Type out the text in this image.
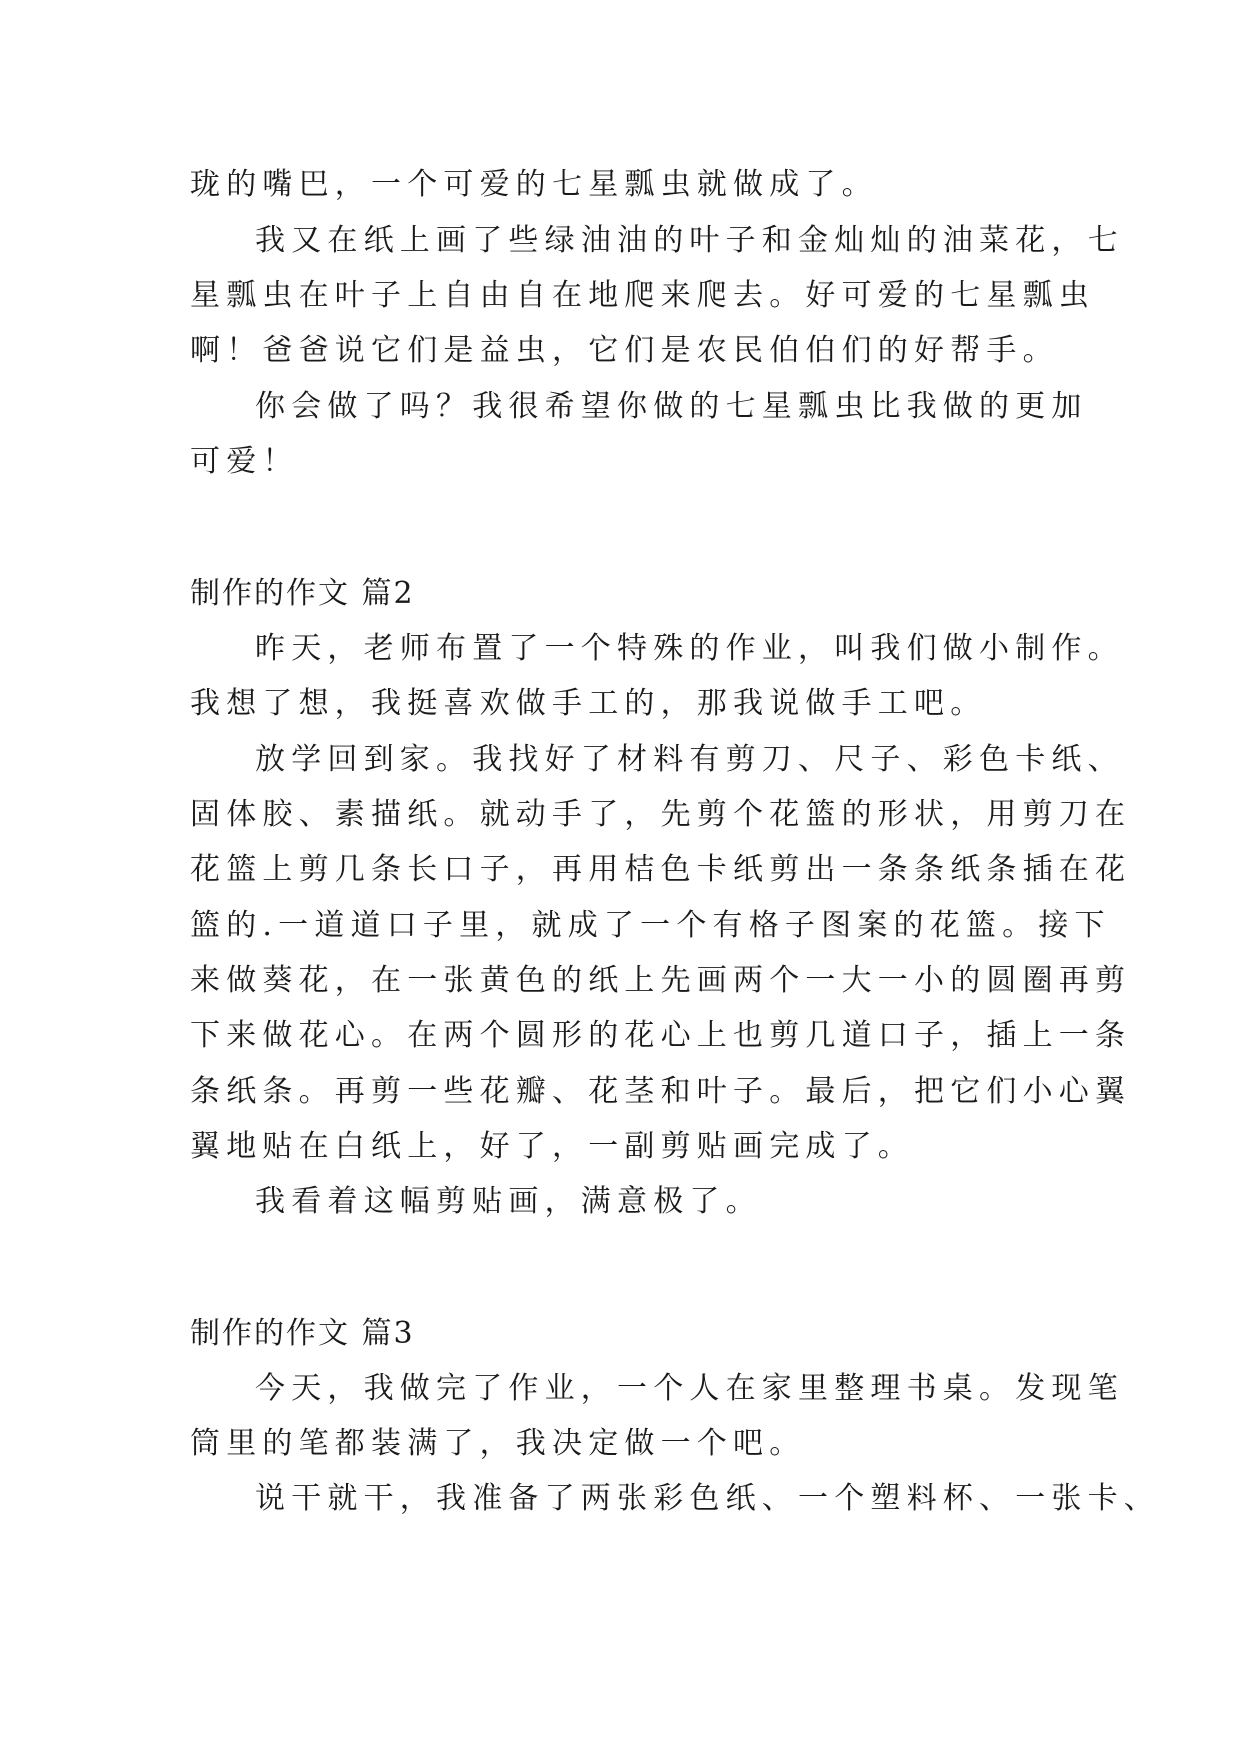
珑的嘴巴，一个可爱的七星瓢虫就做成了。
我又在纸上画了些绿油油的叶子和金灿灿的油菜花，七
星瓢虫在叶子上自由自在地爬来爬去。好可爱的七星瓢虫
啊！爸爸说它们是益虫，它们是农民伯伯们的好帮手。
你会做了吗？我很希望你做的七星瓢虫比我做的更加
可爱！
制作的作文 篇2
昨天，老师布置了一个特殊的作业，叫我们做小制作。
我想了想，我挺喜欢做手工的，那我说做手工吧。
放学回到家。我找好了材料有剪刀、尺子、彩色卡纸、
固体胶、素描纸。就动手了，先剪个花篮的形状，用剪刀在
花篮上剪几条长口子，再用桔色卡纸剪出一条条纸条插在花
篮的.一道道口子里，就成了一个有格子图案的花篮。接下
来做葵花，在一张黄色的纸上先画两个一大一小的圆圈再剪
下来做花心。在两个圆形的花心上也剪几道口子，插上一条
条纸条。再剪一些花瓣、花茎和叶子。最后，把它们小心翼
翼地贴在白纸上，好了，一副剪贴画完成了。
我看着这幅剪贴画，满意极了。
制作的作文 篇3
今天，我做完了作业，一个人在家里整理书桌。发现笔
筒里的笔都装满了，我决定做一个吧。
说干就干，我准备了两张彩色纸、一个塑料杯、一张卡、
